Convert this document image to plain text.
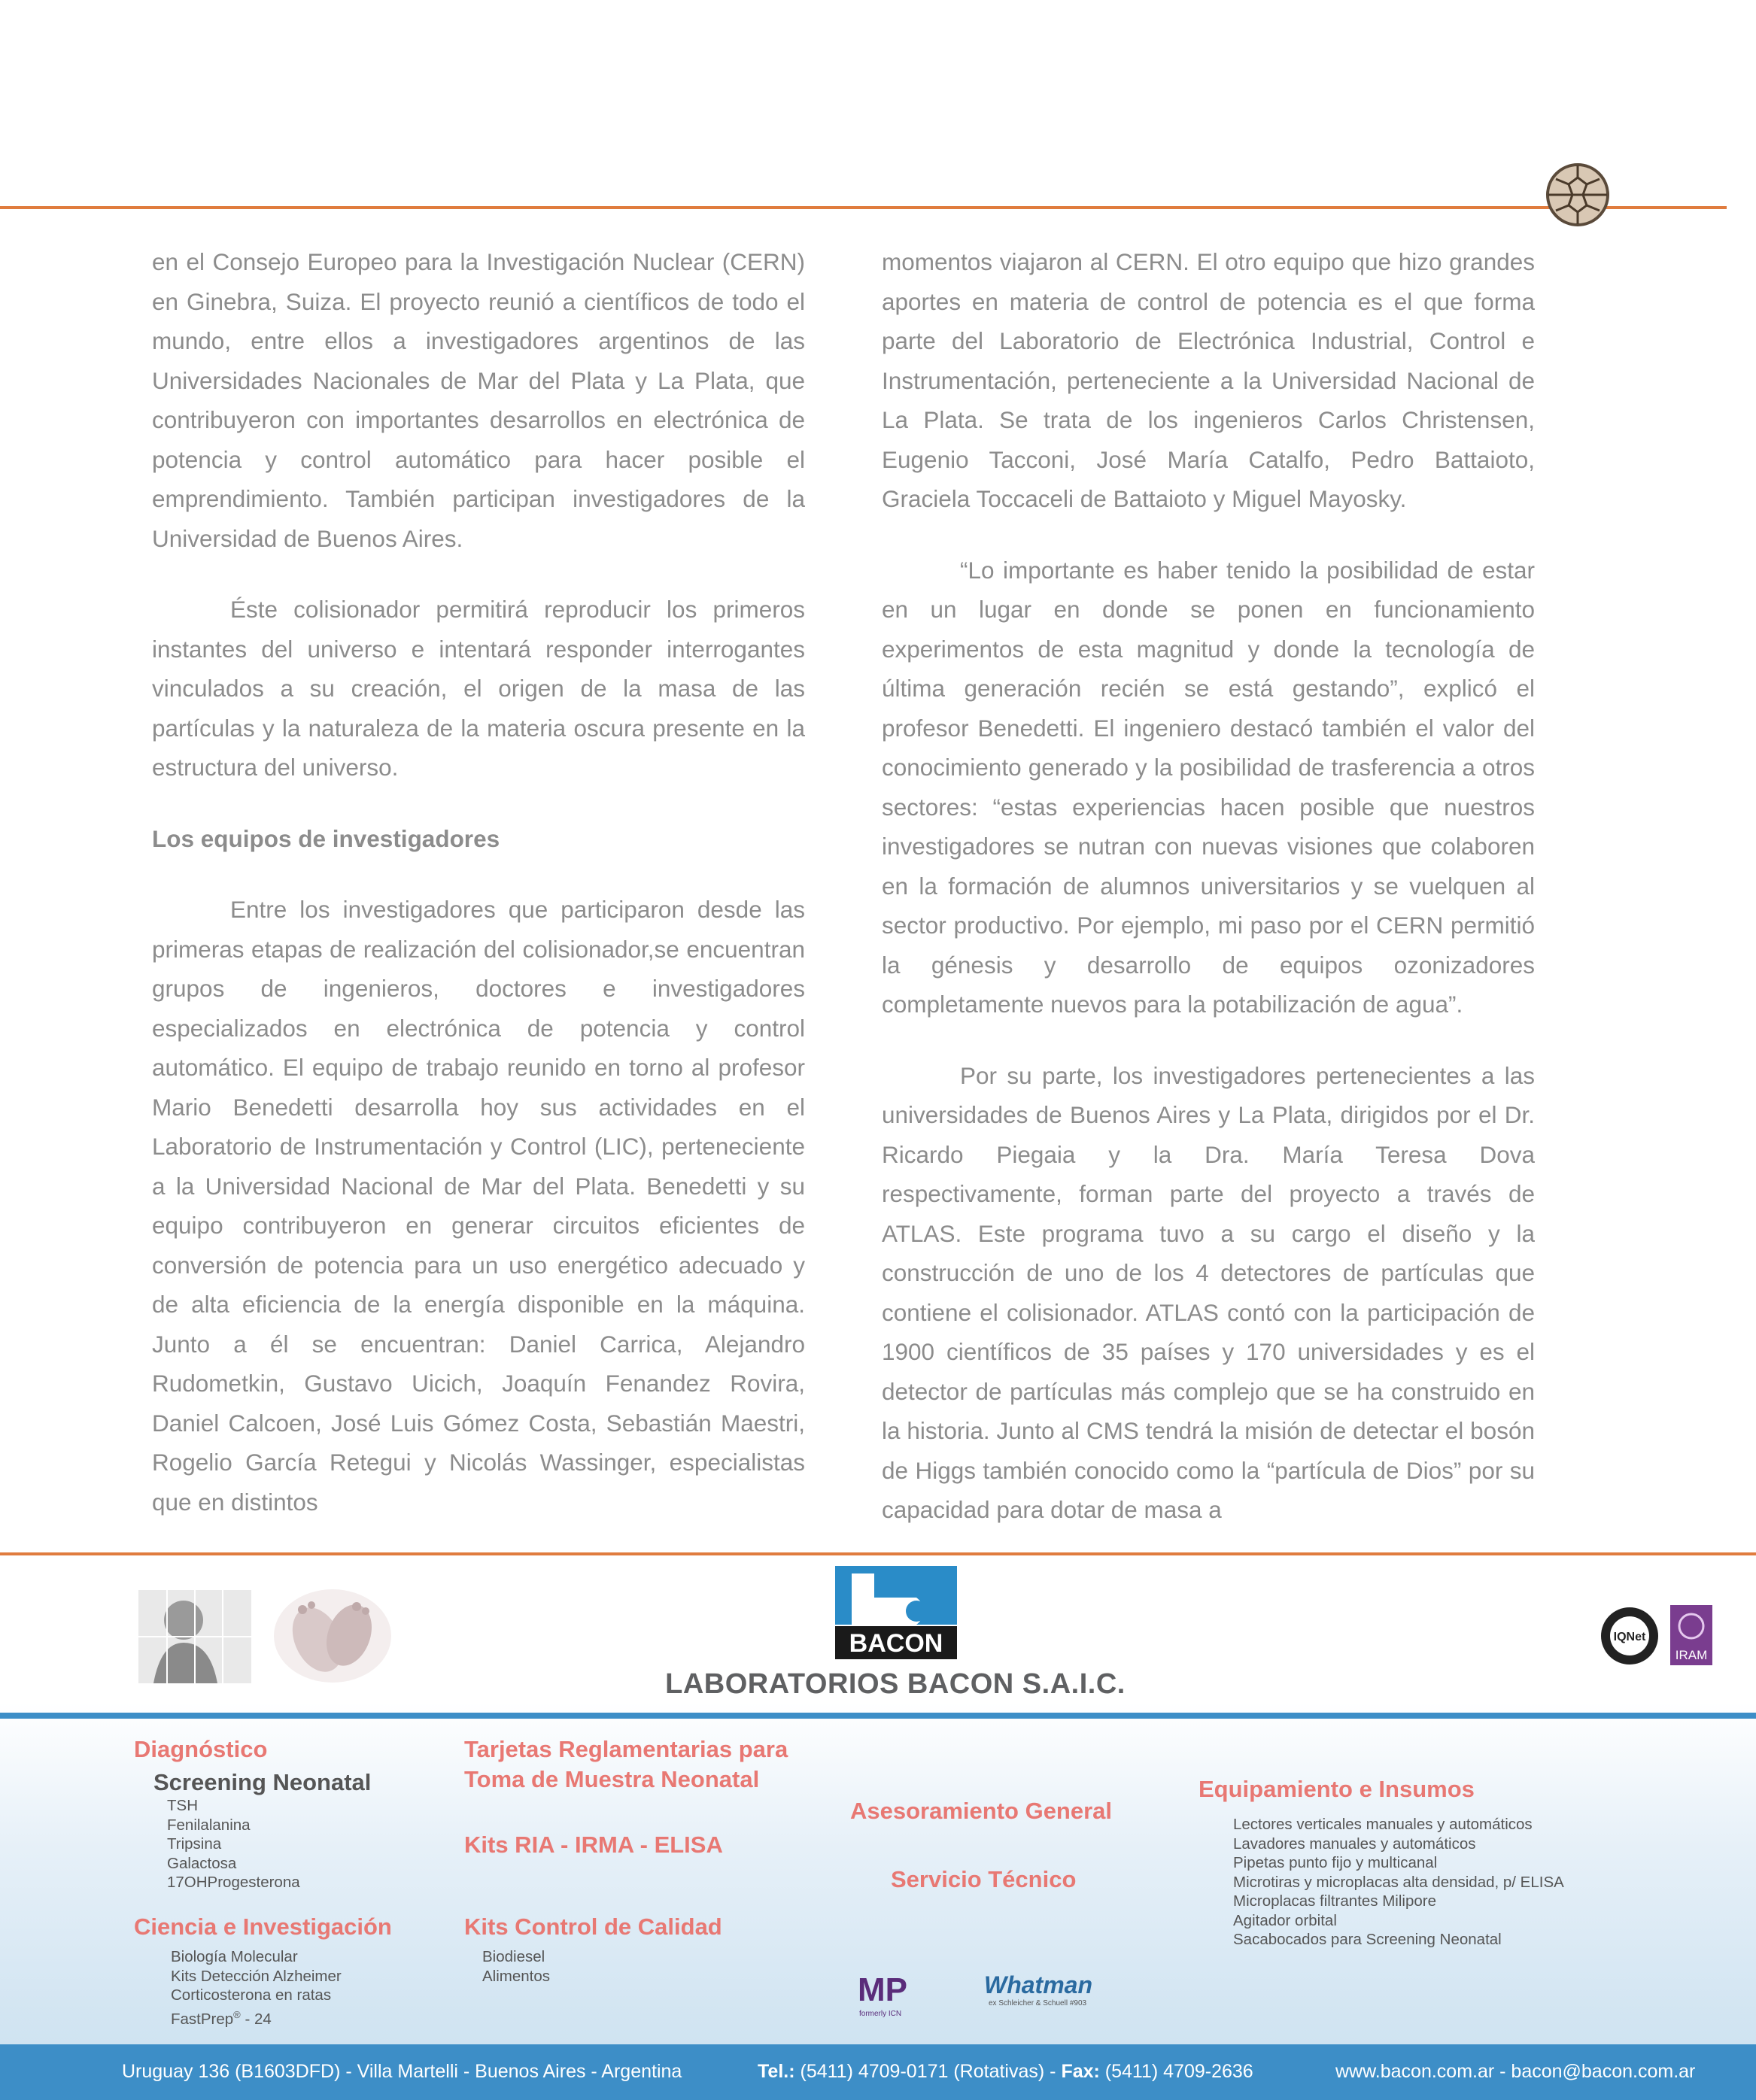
en el Consejo Europeo para la Investigación Nuclear (CERN) en Ginebra, Suiza. El proyecto reunió a científicos de todo el mundo, entre ellos a investigadores argentinos de las Universidades Nacionales de Mar del Plata y La Plata, que contribuyeron con importantes desarrollos en electrónica de potencia y control automático para hacer posible el emprendimiento. También participan investigadores de la Universidad de Buenos Aires.

Éste colisionador permitirá reproducir los primeros instantes del universo e intentará responder interrogantes vinculados a su creación, el origen de la masa de las partículas y la naturaleza de la materia oscura presente en la estructura del universo.

Los equipos de investigadores

Entre los investigadores que participaron desde las primeras etapas de realización del colisionador,se encuentran grupos de ingenieros, doctores e investigadores especializados en electrónica de potencia y control automático. El equipo de trabajo reunido en torno al profesor Mario Benedetti desarrolla hoy sus actividades en el Laboratorio de Instrumentación y Control (LIC), perteneciente a la Universidad Nacional de Mar del Plata. Benedetti y su equipo contribuyeron en generar circuitos eficientes de conversión de potencia para un uso energético adecuado y de alta eficiencia de la energía disponible en la máquina. Junto a él se encuentran: Daniel Carrica, Alejandro Rudometkin, Gustavo Uicich, Joaquín Fenandez Rovira, Daniel Calcoen, José Luis Gómez Costa, Sebastián Maestri, Rogelio García Retegui y Nicolás Wassinger, especialistas que en distintos

momentos viajaron al CERN. El otro equipo que hizo grandes aportes en materia de control de potencia es el que forma parte del Laboratorio de Electrónica Industrial, Control e Instrumentación, perteneciente a la Universidad Nacional de La Plata. Se trata de los ingenieros Carlos Christensen, Eugenio Tacconi, José María Catalfo, Pedro Battaioto, Graciela Toccaceli de Battaioto y Miguel Mayosky.

“Lo importante es haber tenido la posibilidad de estar en un lugar en donde se ponen en funcionamiento experimentos de esta magnitud y donde la tecnología de última generación recién se está gestando”, explicó el profesor Benedetti. El ingeniero destacó también el valor del conocimiento generado y la posibilidad de trasferencia a otros sectores: “estas experiencias hacen posible que nuestros investigadores se nutran con nuevas visiones que colaboren en la formación de alumnos universitarios y se vuelquen al sector productivo. Por ejemplo, mi paso por el CERN permitió la génesis y desarrollo de equipos ozonizadores completamente nuevos para la potabilización de agua”.

Por su parte, los investigadores pertenecientes a las universidades de Buenos Aires y La Plata, dirigidos por el Dr. Ricardo Piegaia y la Dra. María Teresa Dova respectivamente, forman parte del proyecto a través de ATLAS. Este programa tuvo a su cargo el diseño y la construcción de uno de los 4 detectores de partículas que contiene el colisionador. ATLAS contó con la participación de 1900 científicos de 35 países y 170 universidades y es el detector de partículas más complejo que se ha construido en la historia. Junto al CMS tendrá la misión de detectar el bosón de Higgs también conocido como la “partícula de Dios” por su capacidad para dotar de masa a

BACON
LABORATORIOS BACON S.A.I.C.
IQNet
IRAM
Diagnóstico
Screening Neonatal
TSH
Fenilalanina
Tripsina
Galactosa
17OHProgesterona
Ciencia e Investigación
Biología Molecular
Kits Detección Alzheimer
Corticosterona en ratas
FastPrep® - 24
Tarjetas Reglamentarias para
Toma de Muestra Neonatal
Kits RIA - IRMA - ELISA
Kits Control de Calidad
Biodiesel
Alimentos
Asesoramiento General
Servicio Técnico
MP
formerly ICN
Whatman
ex Schleicher & Schuell #903
Equipamiento e Insumos
Lectores verticales manuales y automáticos
Lavadores manuales y automáticos
Pipetas punto fijo y multicanal
Microtiras y microplacas alta densidad, p/ ELISA
Microplacas filtrantes Milipore
Agitador orbital
Sacabocados para Screening Neonatal
Uruguay 136 (B1603DFD) - Villa Martelli - Buenos Aires - Argentina	Tel.: (5411) 4709-0171 (Rotativas) - Fax: (5411) 4709-2636	www.bacon.com.ar - bacon@bacon.com.ar
